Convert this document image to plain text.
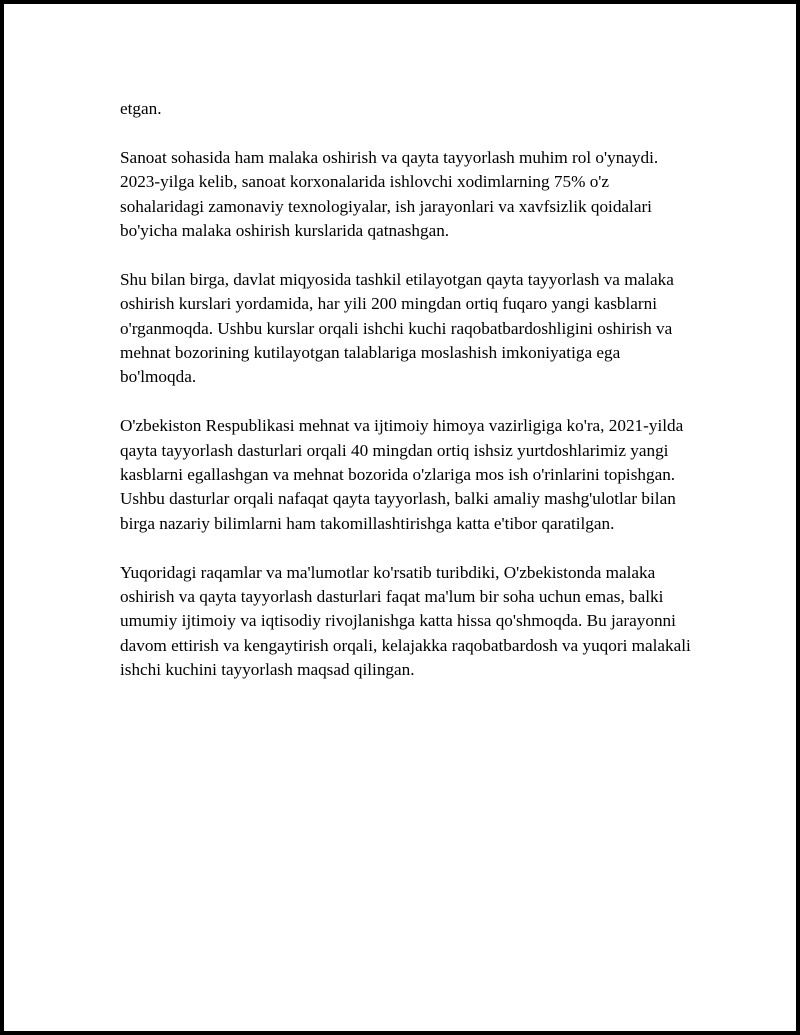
etgan.

Sanoat sohasida ham malaka oshirish va qayta tayyorlash muhim rol o'ynaydi. 2023-yilga kelib, sanoat korxonalarida ishlovchi xodimlarning 75% o'z sohalaridagi zamonaviy texnologiyalar, ish jarayonlari va xavfsizlik qoidalari bo'yicha malaka oshirish kurslarida qatnashgan.

Shu bilan birga, davlat miqyosida tashkil etilayotgan qayta tayyorlash va malaka oshirish kurslari yordamida, har yili 200 mingdan ortiq fuqaro yangi kasblarni o'rganmoqda. Ushbu kurslar orqali ishchi kuchi raqobatbardoshligini oshirish va mehnat bozorining kutilayotgan talablariga moslashish imkoniyatiga ega bo'lmoqda.

O'zbekiston Respublikasi mehnat va ijtimoiy himoya vazirligiga ko'ra, 2021-yilda qayta tayyorlash dasturlari orqali 40 mingdan ortiq ishsiz yurtdoshlarimiz yangi kasblarni egallashgan va mehnat bozorida o'zlariga mos ish o'rinlarini topishgan. Ushbu dasturlar orqali nafaqat qayta tayyorlash, balki amaliy mashg'ulotlar bilan birga nazariy bilimlarni ham takomillashtirishga katta e'tibor qaratilgan.

Yuqoridagi raqamlar va ma'lumotlar ko'rsatib turibdiki, O'zbekistonda malaka oshirish va qayta tayyorlash dasturlari faqat ma'lum bir soha uchun emas, balki umumiy ijtimoiy va iqtisodiy rivojlanishga katta hissa qo'shmoqda. Bu jarayonni davom ettirish va kengaytirish orqali, kelajakka raqobatbardosh va yuqori malakali ishchi kuchini tayyorlash maqsad qilingan.
